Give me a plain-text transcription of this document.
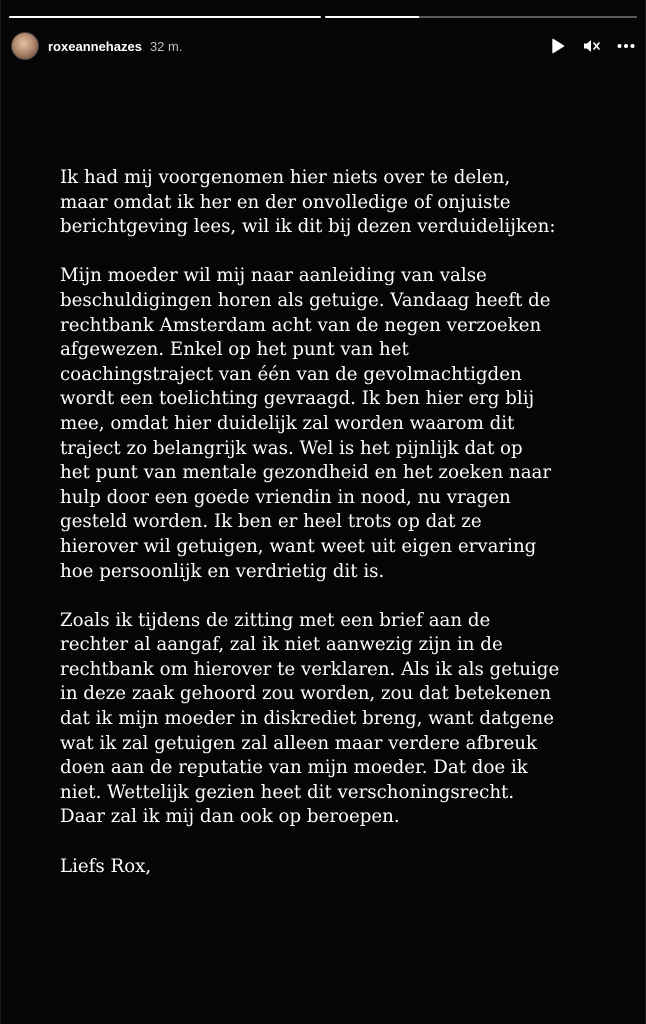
roxeannehazes 32 m.

Ik had mij voorgenomen hier niets over te delen,
maar omdat ik her en der onvolledige of onjuiste
berichtgeving lees, wil ik dit bij dezen verduidelijken:

Mijn moeder wil mij naar aanleiding van valse
beschuldigingen horen als getuige. Vandaag heeft de
rechtbank Amsterdam acht van de negen verzoeken
afgewezen. Enkel op het punt van het
coachingstraject van één van de gevolmachtigden
wordt een toelichting gevraagd. Ik ben hier erg blij
mee, omdat hier duidelijk zal worden waarom dit
traject zo belangrijk was. Wel is het pijnlijk dat op
het punt van mentale gezondheid en het zoeken naar
hulp door een goede vriendin in nood, nu vragen
gesteld worden. Ik ben er heel trots op dat ze
hierover wil getuigen, want weet uit eigen ervaring
hoe persoonlijk en verdrietig dit is.

Zoals ik tijdens de zitting met een brief aan de
rechter al aangaf, zal ik niet aanwezig zijn in de
rechtbank om hierover te verklaren. Als ik als getuige
in deze zaak gehoord zou worden, zou dat betekenen
dat ik mijn moeder in diskrediet breng, want datgene
wat ik zal getuigen zal alleen maar verdere afbreuk
doen aan de reputatie van mijn moeder. Dat doe ik
niet. Wettelijk gezien heet dit verschoningsrecht.
Daar zal ik mij dan ook op beroepen.

Liefs Rox,
